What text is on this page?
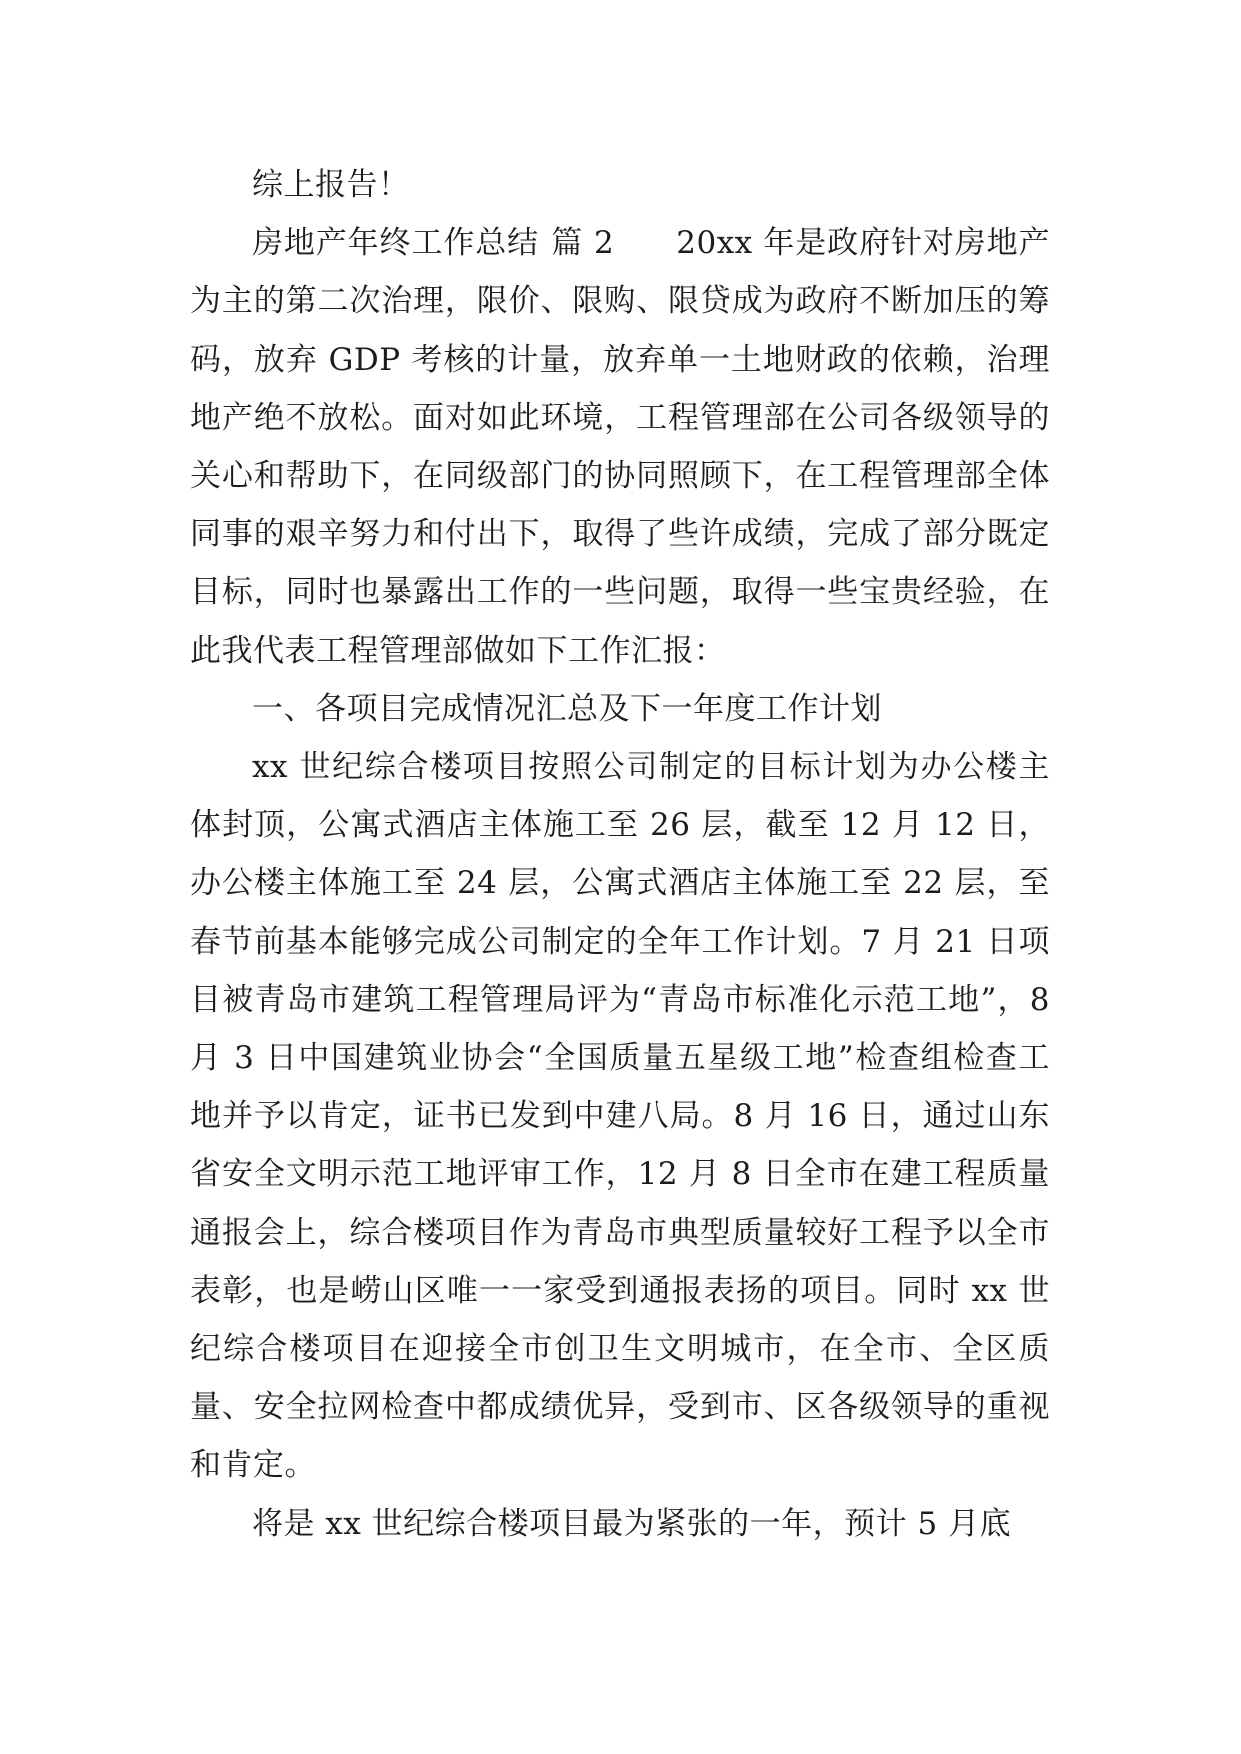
综上报告！

房地产年终工作总结 篇 2 20xx 年是政府针对房地产为主的第二次治理，限价、限购、限贷成为政府不断加压的筹码，放弃 GDP 考核的计量，放弃单一土地财政的依赖，治理地产绝不放松。面对如此环境，工程管理部在公司各级领导的关心和帮助下，在同级部门的协同照顾下，在工程管理部全体同事的艰辛努力和付出下，取得了些许成绩，完成了部分既定目标，同时也暴露出工作的一些问题，取得一些宝贵经验，在此我代表工程管理部做如下工作汇报：

一、各项目完成情况汇总及下一年度工作计划

xx 世纪综合楼项目按照公司制定的目标计划为办公楼主体封顶，公寓式酒店主体施工至 26 层，截至 12 月 12 日，办公楼主体施工至 24 层，公寓式酒店主体施工至 22 层，至春节前基本能够完成公司制定的全年工作计划。7 月 21 日项目被青岛市建筑工程管理局评为“青岛市标准化示范工地”，8 月 3 日中国建筑业协会“全国质量五星级工地”检查组检查工地并予以肯定，证书已发到中建八局。8 月 16 日，通过山东省安全文明示范工地评审工作，12 月 8 日全市在建工程质量通报会上，综合楼项目作为青岛市典型质量较好工程予以全市表彰，也是崂山区唯一一家受到通报表扬的项目。同时 xx 世纪综合楼项目在迎接全市创卫生文明城市，在全市、全区质量、安全拉网检查中都成绩优异，受到市、区各级领导的重视和肯定。

将是 xx 世纪综合楼项目最为紧张的一年，预计 5 月底
